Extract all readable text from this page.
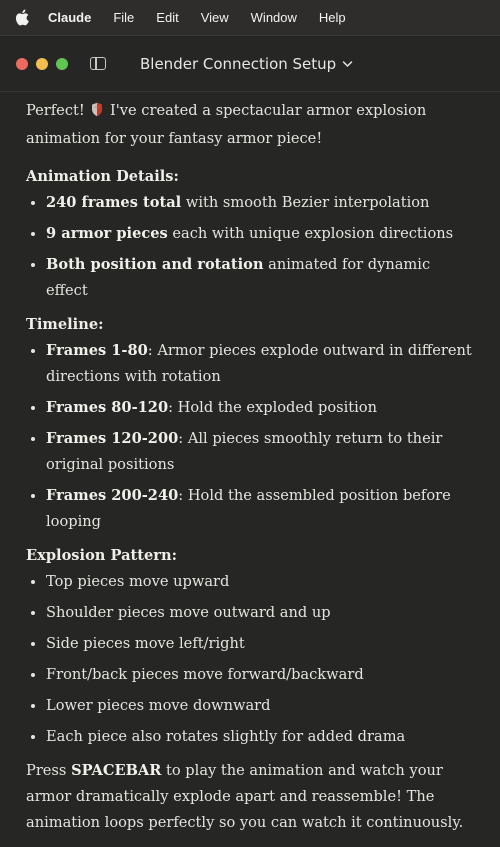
Claude File Edit View Window Help
Blender Connection Setup

Perfect!  I've created a spectacular armor explosion animation for your fantasy armor piece!

Animation Details:

• 240 frames total with smooth Bezier interpolation
• 9 armor pieces each with unique explosion directions
• Both position and rotation animated for dynamic effect

Timeline:

• Frames 1-80: Armor pieces explode outward in different directions with rotation
• Frames 80-120: Hold the exploded position
• Frames 120-200: All pieces smoothly return to their original positions
• Frames 200-240: Hold the assembled position before looping

Explosion Pattern:

• Top pieces move upward
• Shoulder pieces move outward and up
• Side pieces move left/right
• Front/back pieces move forward/backward
• Lower pieces move downward
• Each piece also rotates slightly for added drama

Press SPACEBAR to play the animation and watch your armor dramatically explode apart and reassemble! The animation loops perfectly so you can watch it continuously.
